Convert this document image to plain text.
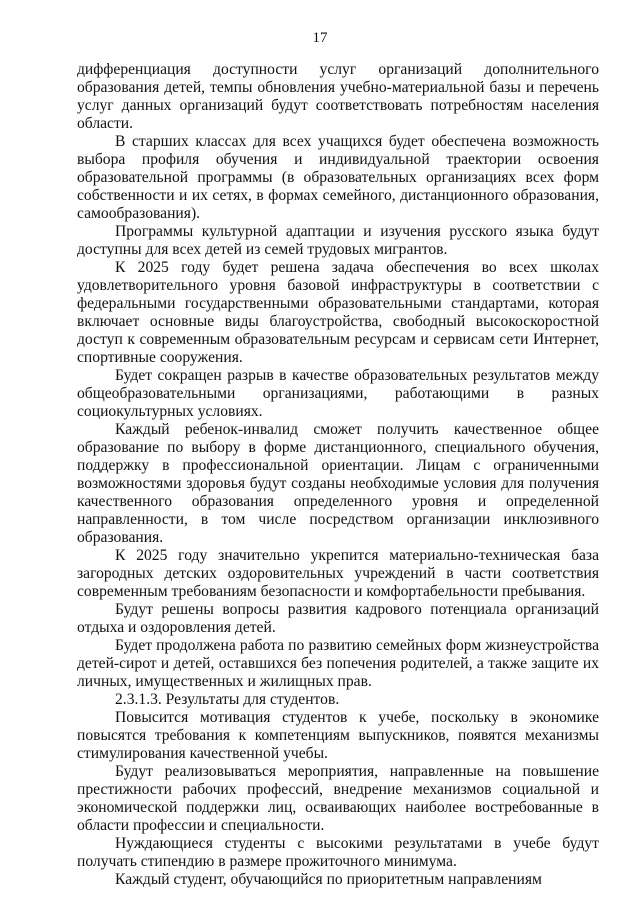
17

дифференциация доступности услуг организаций дополнительного образования детей, темпы обновления учебно-материальной базы и перечень услуг данных организаций будут соответствовать потребностям населения области.

В старших классах для всех учащихся будет обеспечена возможность выбора профиля обучения и индивидуальной траектории освоения образовательной программы (в образовательных организациях всех форм собственности и их сетях, в формах семейного, дистанционного образования, самообразования).

Программы культурной адаптации и изучения русского языка будут доступны для всех детей из семей трудовых мигрантов.

К 2025 году будет решена задача обеспечения во всех школах удовлетворительного уровня базовой инфраструктуры в соответствии с федеральными государственными образовательными стандартами, которая включает основные виды благоустройства, свободный высокоскоростной доступ к современным образовательным ресурсам и сервисам сети Интернет, спортивные сооружения.

Будет сокращен разрыв в качестве образовательных результатов между общеобразовательными организациями, работающими в разных социокультурных условиях.

Каждый ребенок-инвалид сможет получить качественное общее образование по выбору в форме дистанционного, специального обучения, поддержку в профессиональной ориентации. Лицам с ограниченными возможностями здоровья будут созданы необходимые условия для получения качественного образования определенного уровня и определенной направленности, в том числе посредством организации инклюзивного образования.

К 2025 году значительно укрепится материально-техническая база загородных детских оздоровительных учреждений в части соответствия современным требованиям безопасности и комфортабельности пребывания.

Будут решены вопросы развития кадрового потенциала организаций отдыха и оздоровления детей.

Будет продолжена работа по развитию семейных форм жизнеустройства детей-сирот и детей, оставшихся без попечения родителей, а также защите их личных, имущественных и жилищных прав.

2.3.1.3. Результаты для студентов.

Повысится мотивация студентов к учебе, поскольку в экономике повысятся требования к компетенциям выпускников, появятся механизмы стимулирования качественной учебы.

Будут реализовываться мероприятия, направленные на повышение престижности рабочих профессий, внедрение механизмов социальной и экономической поддержки лиц, осваивающих наиболее востребованные в области профессии и специальности.

Нуждающиеся студенты с высокими результатами в учебе будут получать стипендию в размере прожиточного минимума.

Каждый студент, обучающийся по приоритетным направлениям
